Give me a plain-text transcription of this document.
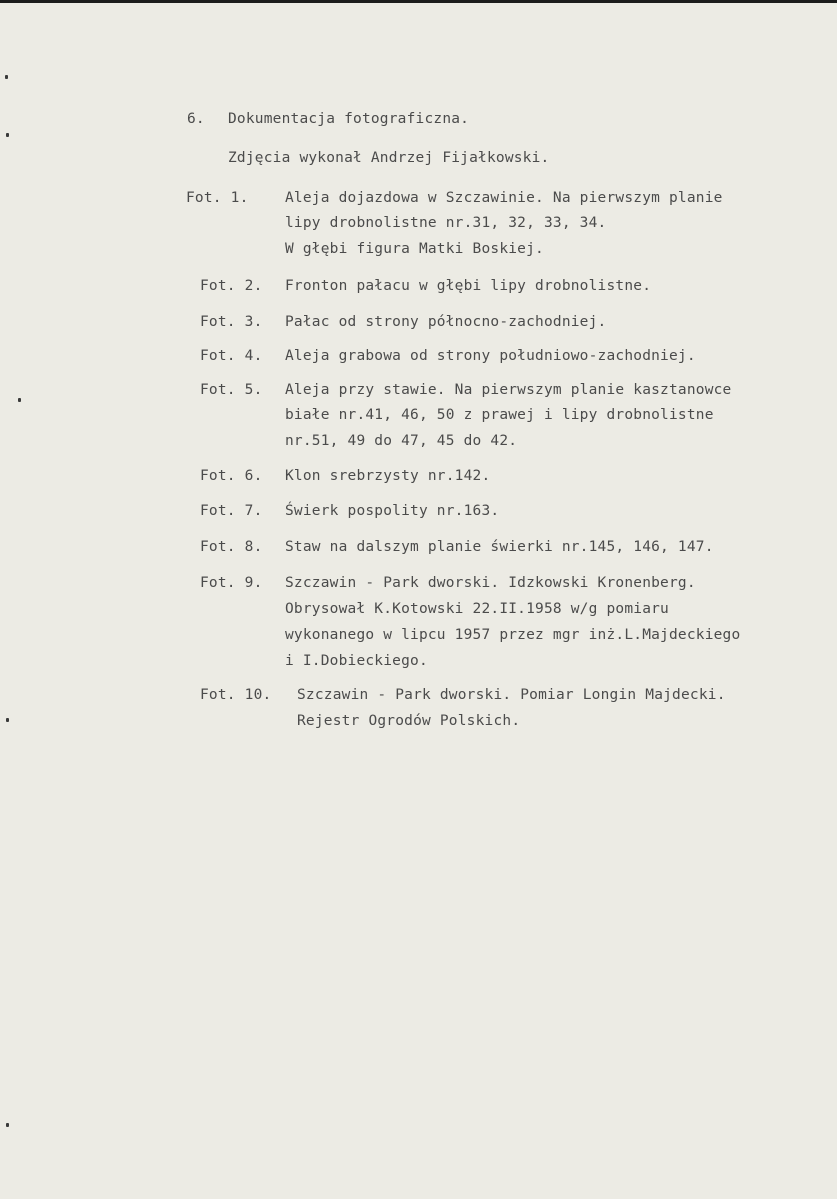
6. Dokumentacja fotograficzna.
Zdjęcia wykonał Andrzej Fijałkowski.
Fot. 1.	Aleja dojazdowa w Szczawinie. Na pierwszym planie
lipy drobnolistne nr.31, 32, 33, 34.
W głębi figura Matki Boskiej.
Fot. 2. Fronton pałacu w głębi lipy drobnolistne.
Fot. 3. Pałac od strony północno-zachodniej.
Fot. 4. Aleja grabowa od strony południowo-zachodniej.
Fot. 5. Aleja przy stawie. Na pierwszym planie kasztanowce
białe nr.41, 46, 50 z prawej i lipy drobnolistne
nr.51, 49 do 47, 45 do 42.
Fot. 6. Klon srebrzysty nr.142.
Fot. 7. Świerk pospolity nr.163.
Fot. 8. Staw na dalszym planie świerki nr.145, 146, 147.
Fot. 9. Szczawin - Park dworski. Idzkowski Kronenberg.
Obrysował K.Kotowski 22.II.1958 w/g pomiaru
wykonanego w lipcu 1957 przez mgr inż.L.Majdeckiego
i I.Dobieckiego.
Fot. 10. Szczawin - Park dworski. Pomiar Longin Majdecki.
Rejestr Ogrodów Polskich.
